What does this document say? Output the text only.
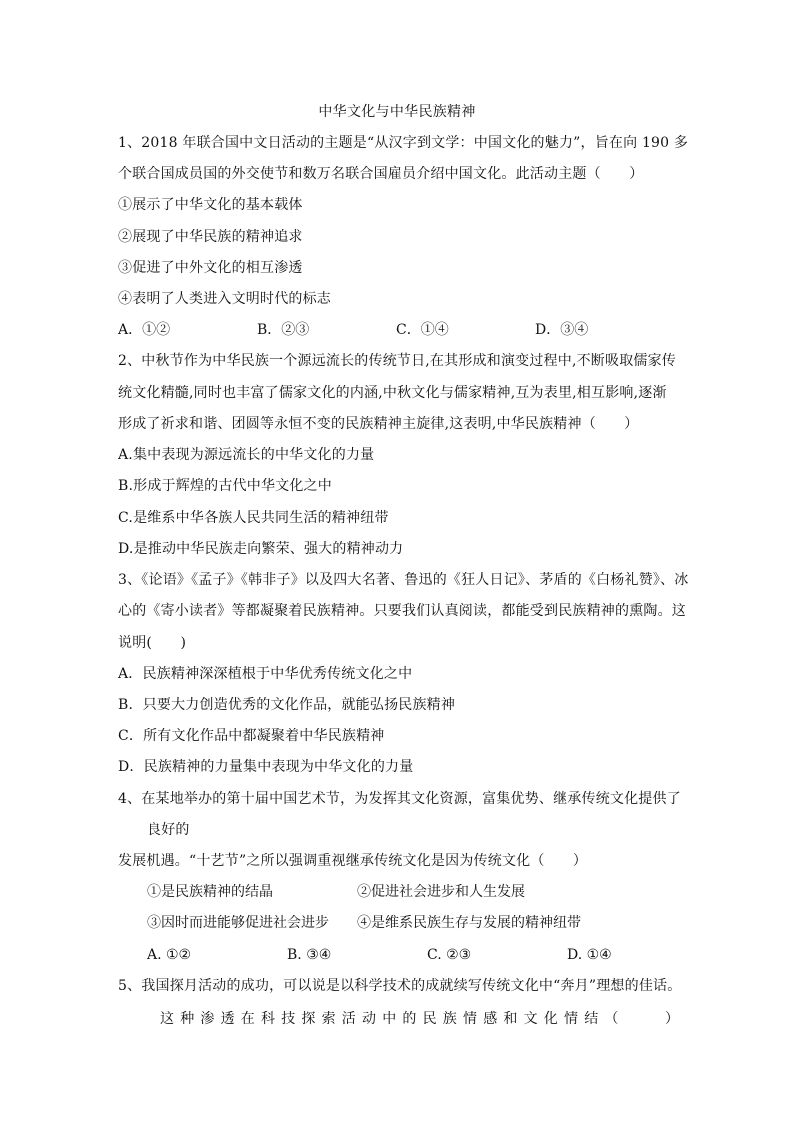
中华文化与中华民族精神
1、2018 年联合国中文日活动的主题是“从汉字到文学：中国文化的魅力”，旨在向 190 多
个联合国成员国的外交使节和数万名联合国雇员介绍中国文化。此活动主题（　　）
①展示了中华文化的基本载体
②展现了中华民族的精神追求
③促进了中外文化的相互渗透
④表明了人类进入文明时代的标志
A．①②	B．②③	C．①④	D．③④
2、中秋节作为中华民族一个源远流长的传统节日,在其形成和演变过程中,不断吸取儒家传
统文化精髓,同时也丰富了儒家文化的内涵,中秋文化与儒家精神,互为表里,相互影响,逐渐
形成了祈求和谐、团圆等永恒不变的民族精神主旋律,这表明,中华民族精神（　　）
A.集中表现为源远流长的中华文化的力量
B.形成于辉煌的古代中华文化之中
C.是维系中华各族人民共同生活的精神纽带
D.是推动中华民族走向繁荣、强大的精神动力
3、《论语》《孟子》《韩非子》以及四大名著、鲁迅的《狂人日记》、茅盾的《白杨礼赞》、冰
心的《寄小读者》等都凝聚着民族精神。只要我们认真阅读，都能受到民族精神的熏陶。这
说明(　　)
A．民族精神深深植根于中华优秀传统文化之中
B．只要大力创造优秀的文化作品，就能弘扬民族精神
C．所有文化作品中都凝聚着中华民族精神
D．民族精神的力量集中表现为中华文化的力量
4、在某地举办的第十届中国艺术节，为发挥其文化资源，富集优势、继承传统文化提供了
良好的
发展机遇。“十艺节”之所以强调重视继承传统文化是因为传统文化（　　）
①是民族精神的结晶	②促进社会进步和人生发展
③因时而进能够促进社会进步 ④是维系民族生存与发展的精神纽带
A. ①②	B. ③④	C. ②③	D. ①④
5、我国探月活动的成功，可以说是以科学技术的成就续写传统文化中“奔月”理想的佳话。
这种渗透在科技探索活动中的民族情感和文化情结（　　）
